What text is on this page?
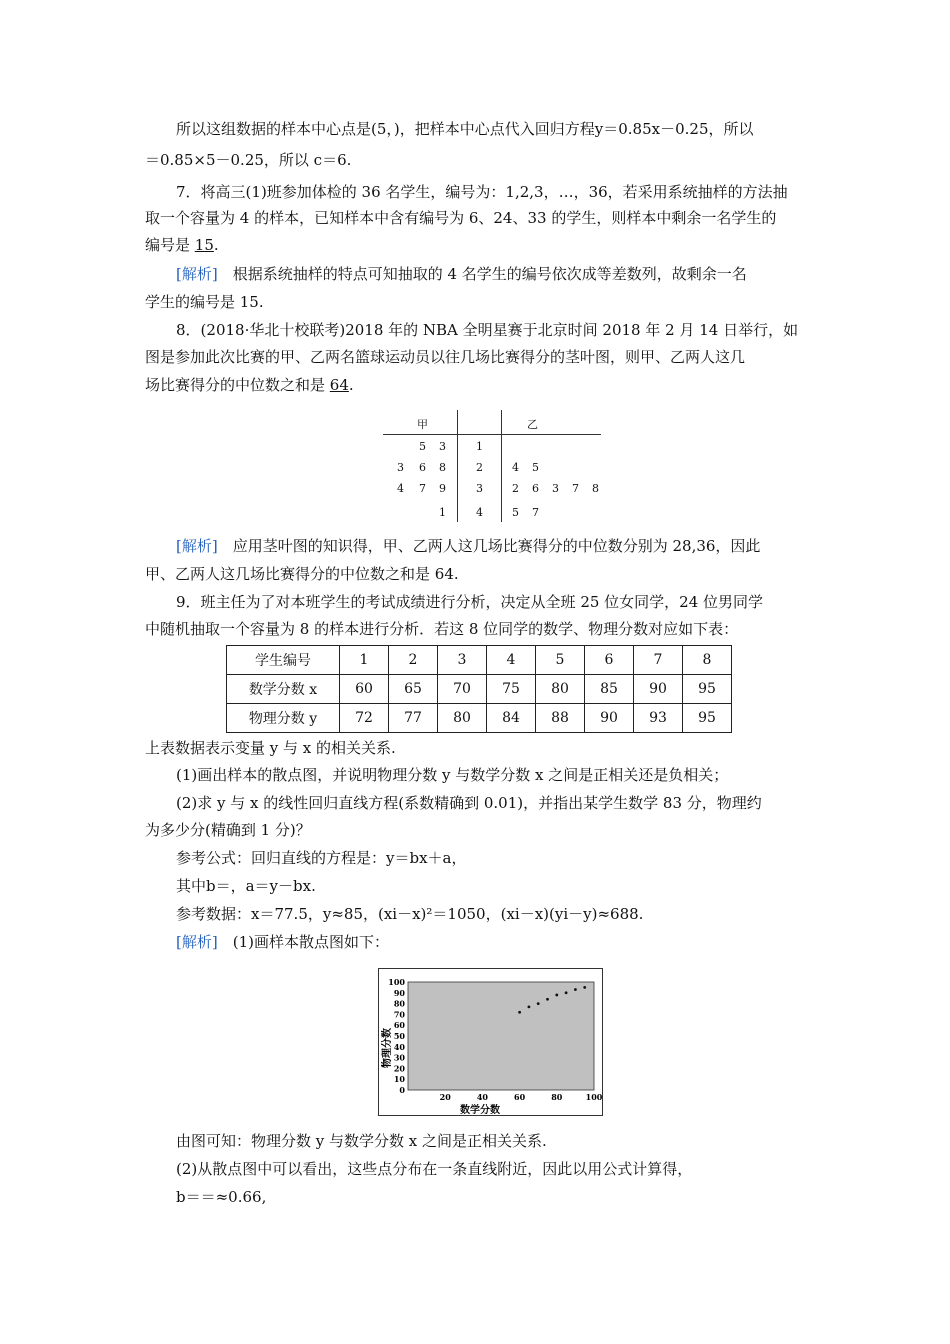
所以这组数据的样本中心点是(5，)，把样本中心点代入回归方程y＝0.85x－0.25，所以
＝0.85×5－0.25，所以 c＝6.
7．将高三(1)班参加体检的 36 名学生，编号为：1,2,3，…，36，若采用系统抽样的方法抽
取一个容量为 4 的样本，已知样本中含有编号为 6、24、33 的学生，则样本中剩余一名学生的
编号是 15.
[解析]　根据系统抽样的特点可知抽取的 4 名学生的编号依次成等差数列，故剩余一名
学生的编号是 15.
8．(2018·华北十校联考)2018 年的 NBA 全明星赛于北京时间 2018 年 2 月 14 日举行，如
图是参加此次比赛的甲、乙两名篮球运动员以往几场比赛得分的茎叶图，则甲、乙两人这几
场比赛得分的中位数之和是 64.
甲	乙
5 3	1
3 6 8	2	4 5
4 7 9	3	2 6 3 7 8
1	4	5 7
[解析]　应用茎叶图的知识得，甲、乙两人这几场比赛得分的中位数分别为 28,36，因此
甲、乙两人这几场比赛得分的中位数之和是 64.
9．班主任为了对本班学生的考试成绩进行分析，决定从全班 25 位女同学，24 位男同学
中随机抽取一个容量为 8 的样本进行分析．若这 8 位同学的数学、物理分数对应如下表：
学生编号	1	2	3	4	5	6	7	8
数学分数 x	60	65	70	75	80	85	90	95
物理分数 y	72	77	80	84	88	90	93	95
上表数据表示变量 y 与 x 的相关关系.
(1)画出样本的散点图，并说明物理分数 y 与数学分数 x 之间是正相关还是负相关；
(2)求 y 与 x 的线性回归直线方程(系数精确到 0.01)，并指出某学生数学 83 分，物理约
为多少分(精确到 1 分)？
参考公式：回归直线的方程是：y＝bx＋a，
其中b＝，a＝y－bx.
参考数据：x＝77.5，y≈85，(xi－x)²＝1050，(xi－x)(yi－y)≈688.
[解析]　(1)画样本散点图如下：
0
10
20
30
40
50
60
70
80
90
100
20	40	60	80	100
数学分数
物理分数
由图可知：物理分数 y 与数学分数 x 之间是正相关关系.
(2)从散点图中可以看出，这些点分布在一条直线附近，因此以用公式计算得，
b＝＝≈0.66,
